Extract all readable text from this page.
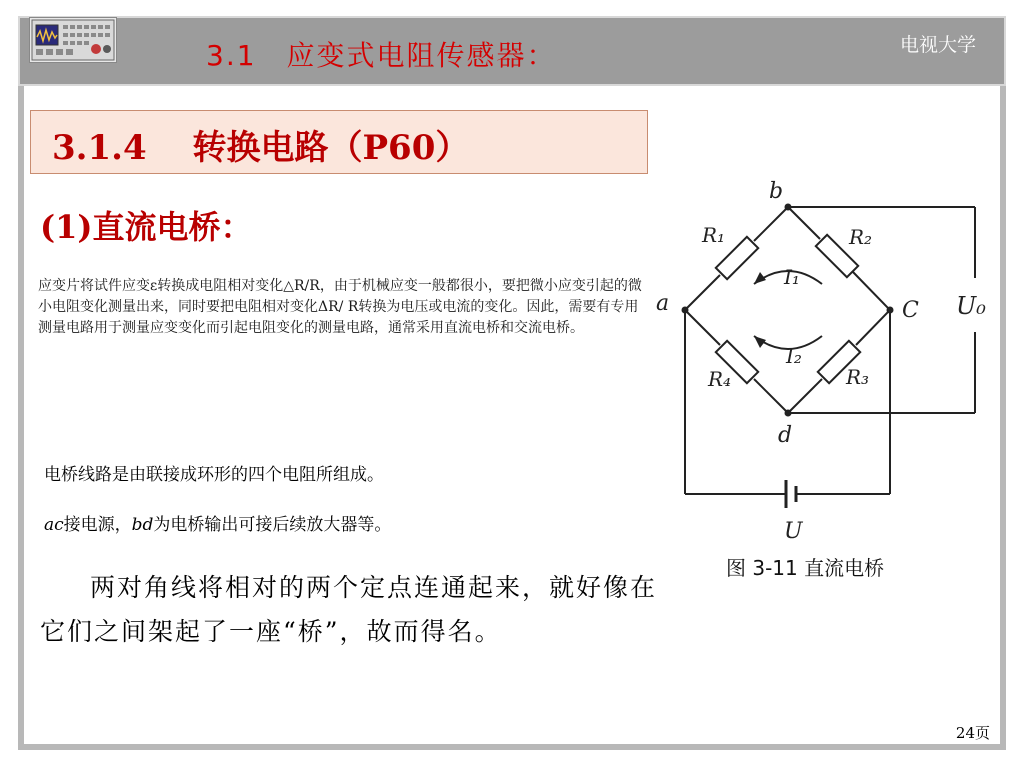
3.1　应变式电阻传感器：	电视大学
3.1.4　 转换电路（P60）
(1)直流电桥：
应变片将试件应变ε转换成电阻相对变化△R/R，由于机械应变一般都很小，要把微小应变引起的微小电阻变化测量出来，同时要把电阻相对变化ΔR/ R转换为电压或电流的变化。因此，需要有专用测量电路用于测量应变变化而引起电阻变化的测量电路，通常采用直流电桥和交流电桥。
电桥线路是由联接成环形的四个电阻所组成。
ac接电源，bd为电桥输出可接后续放大器等。
两对角线将相对的两个定点连通起来，就好像在它们之间架起了一座“桥”，故而得名。
b
a	C
d
R₁	R₂
R₃
R₄
I₁
I₂
U₀
U
图 3-11 直流电桥
24页
